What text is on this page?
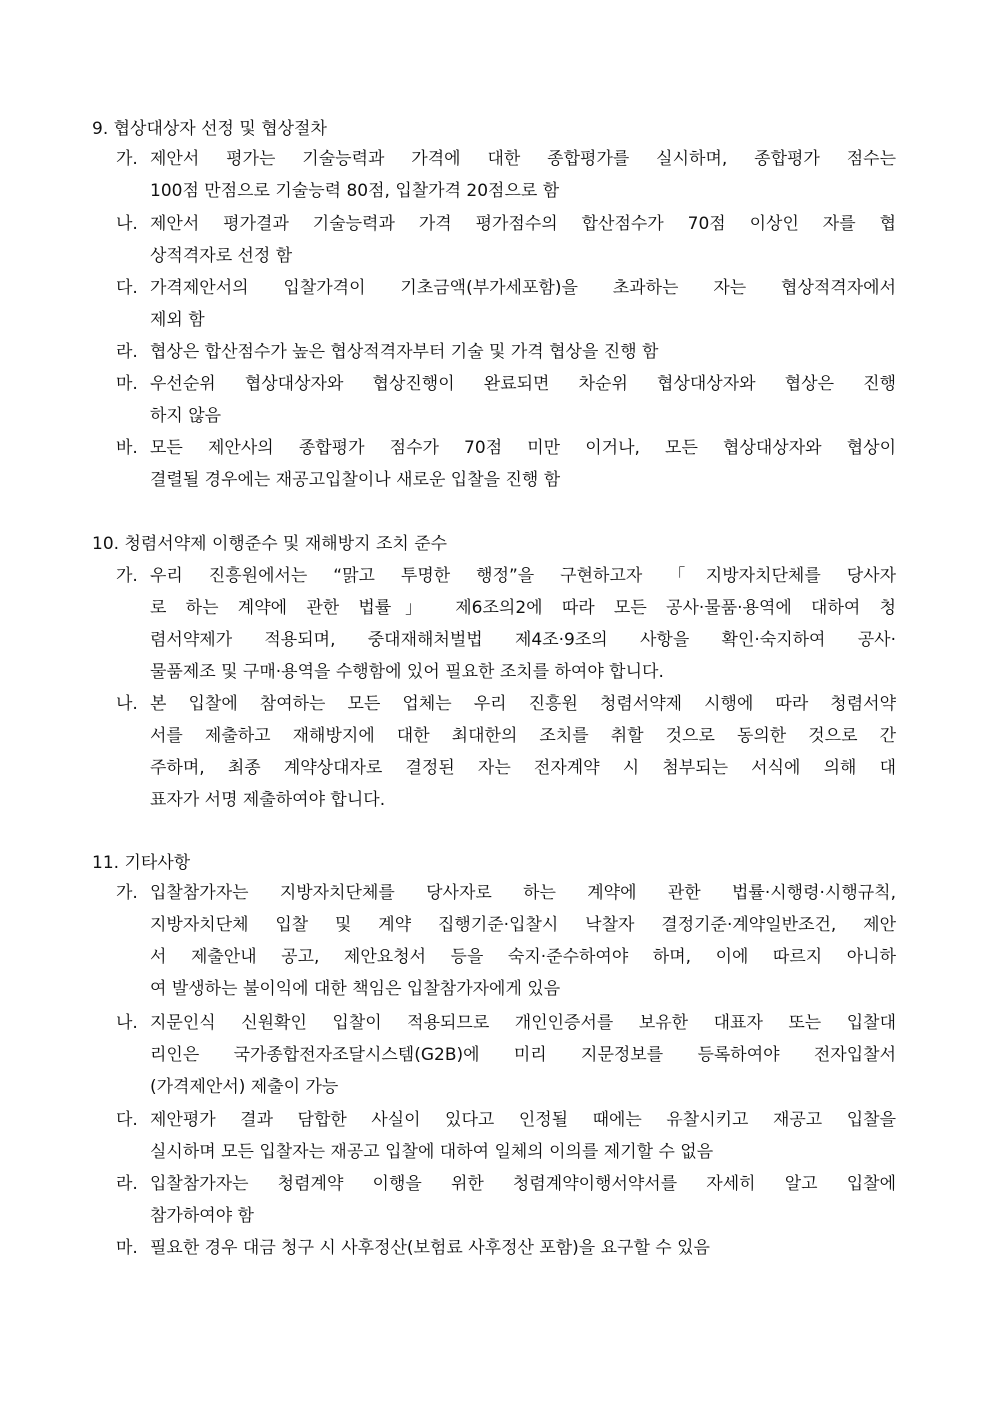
9. 협상대상자 선정 및 협상절차
가. 제안서 평가는 기술능력과 가격에 대한 종합평가를 실시하며, 종합평가 점수는
100점 만점으로 기술능력 80점, 입찰가격 20점으로 함
나. 제안서 평가결과 기술능력과 가격 평가점수의 합산점수가 70점 이상인 자를 협
상적격자로 선정 함
다. 가격제안서의 입찰가격이 기초금액(부가세포함)을 초과하는 자는 협상적격자에서
제외 함
라. 협상은 합산점수가 높은 협상적격자부터 기술 및 가격 협상을 진행 함
마. 우선순위 협상대상자와 협상진행이 완료되면 차순위 협상대상자와 협상은 진행
하지 않음
바. 모든 제안사의 종합평가 점수가 70점 미만 이거나, 모든 협상대상자와 협상이
결렬될 경우에는 재공고입찰이나 새로운 입찰을 진행 함
10. 청렴서약제 이행준수 및 재해방지 조치 준수
가. 우리 진흥원에서는 “맑고 투명한 행정”을 구현하고자 「지방자치단체를 당사자
로 하는 계약에 관한 법률」 제6조의2에 따라 모든 공사·물품·용역에 대하여 청
렴서약제가 적용되며, 중대재해처벌법 제4조·9조의 사항을 확인·숙지하여 공사·
물품제조 및 구매·용역을 수행함에 있어 필요한 조치를 하여야 합니다.
나. 본 입찰에 참여하는 모든 업체는 우리 진흥원 청렴서약제 시행에 따라 청렴서약
서를 제출하고 재해방지에 대한 최대한의 조치를 취할 것으로 동의한 것으로 간
주하며, 최종 계약상대자로 결정된 자는 전자계약 시 첨부되는 서식에 의해 대
표자가 서명 제출하여야 합니다.
11. 기타사항
가. 입찰참가자는 지방자치단체를 당사자로 하는 계약에 관한 법률·시행령·시행규칙,
지방자치단체 입찰 및 계약 집행기준·입찰시 낙찰자 결정기준·계약일반조건, 제안
서 제출안내 공고, 제안요청서 등을 숙지·준수하여야 하며, 이에 따르지 아니하
여 발생하는 불이익에 대한 책임은 입찰참가자에게 있음
나. 지문인식 신원확인 입찰이 적용되므로 개인인증서를 보유한 대표자 또는 입찰대
리인은 국가종합전자조달시스템(G2B)에 미리 지문정보를 등록하여야 전자입찰서
(가격제안서) 제출이 가능
다. 제안평가 결과 담합한 사실이 있다고 인정될 때에는 유찰시키고 재공고 입찰을
실시하며 모든 입찰자는 재공고 입찰에 대하여 일체의 이의를 제기할 수 없음
라. 입찰참가자는 청렴계약 이행을 위한 청렴계약이행서약서를 자세히 알고 입찰에
참가하여야 함
마. 필요한 경우 대금 청구 시 사후정산(보험료 사후정산 포함)을 요구할 수 있음
